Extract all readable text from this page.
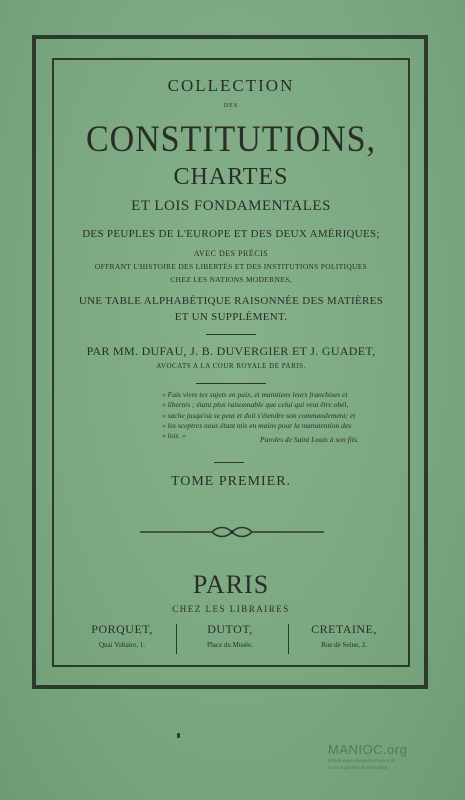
COLLECTION
DES
CONSTITUTIONS,
CHARTES
ET LOIS FONDAMENTALES
DES PEUPLES DE L'EUROPE ET DES DEUX AMÉRIQUES;
AVEC DES PRÉCIS
OFFRANT L'HISTOIRE DES LIBERTÉS ET DES INSTITUTIONS POLITIQUES
CHEZ LES NATIONS MODERNES,
UNE TABLE ALPHABÉTIQUE RAISONNÉE DES MATIÈRES
ET UN SUPPLÉMENT.
PAR MM. DUFAU, J. B. DUVERGIER ET J. GUADET,
AVOCATS A LA COUR ROYALE DE PARIS.
« Fais vivre tes sujets en paix, et maintiens leurs franchises et
« libertés ; étant plus raisonnable que celui qui veut être obéi,
« sache jusqu'où se peut et doit s'étendre son commandement; et
« les sceptres nous étant mis en mains pour la manutention des
« lois. »	Paroles de Saint Louis à son fils.
TOME PREMIER.
PARIS
CHEZ LES LIBRAIRES
PORQUET,
Quai Voltaire, 1.
DUTOT,
Place du Musée.
CRETAINE,
Rue de Seine, 2.
MANIOC.org
Bibliothèque Alexandre Franconie
Conseil général de la Guyane
